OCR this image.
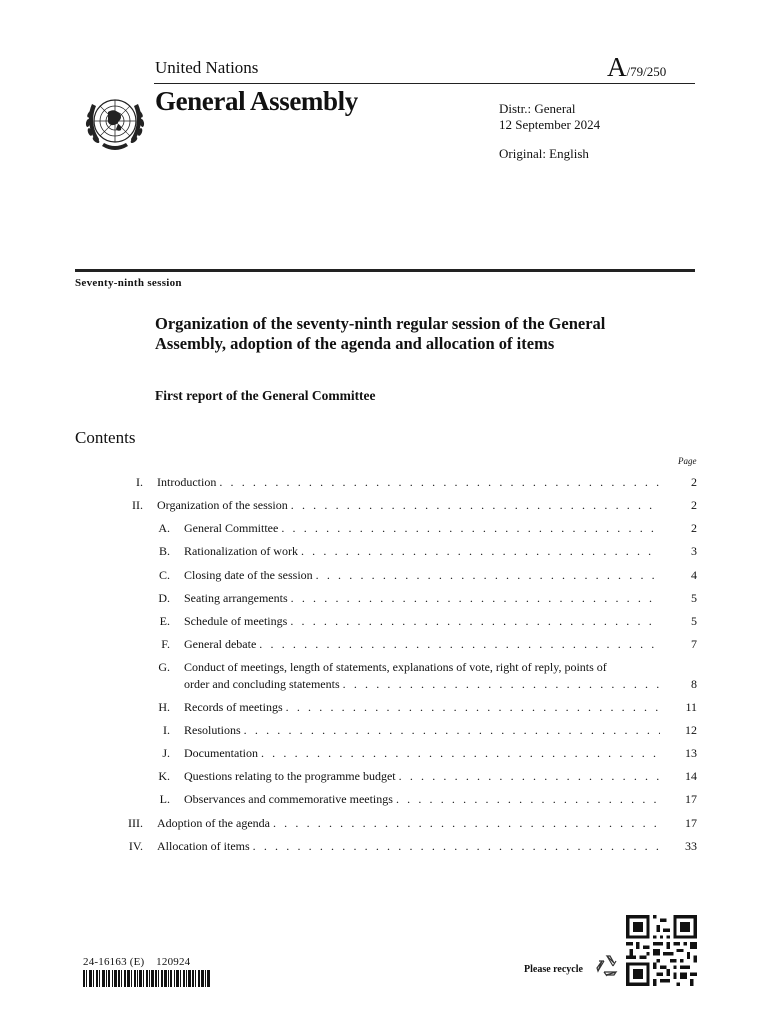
United Nations	A/79/250
General Assembly	Distr.: General
12 September 2024
Original: English
Seventy-ninth session
Organization of the seventy-ninth regular session of the General Assembly, adoption of the agenda and allocation of items
First report of the General Committee
Contents
Page
I. Introduction . . .	2
II. Organization of the session . . .	2
A. General Committee . . .	2
B. Rationalization of work . . .	3
C. Closing date of the session . . .	4
D. Seating arrangements . . .	5
E. Schedule of meetings . . .	5
F. General debate . . .	7
G. Conduct of meetings, length of statements, explanations of vote, right of reply, points of
order and concluding statements . . .	8
H. Records of meetings . . .	11
I. Resolutions . . .	12
J. Documentation . . .	13
K. Questions relating to the programme budget . . .	14
L. Observances and commemorative meetings . . .	17
III. Adoption of the agenda . . .	17
IV. Allocation of items . . .	33
24-16163 (E) 120924
Please recycle
